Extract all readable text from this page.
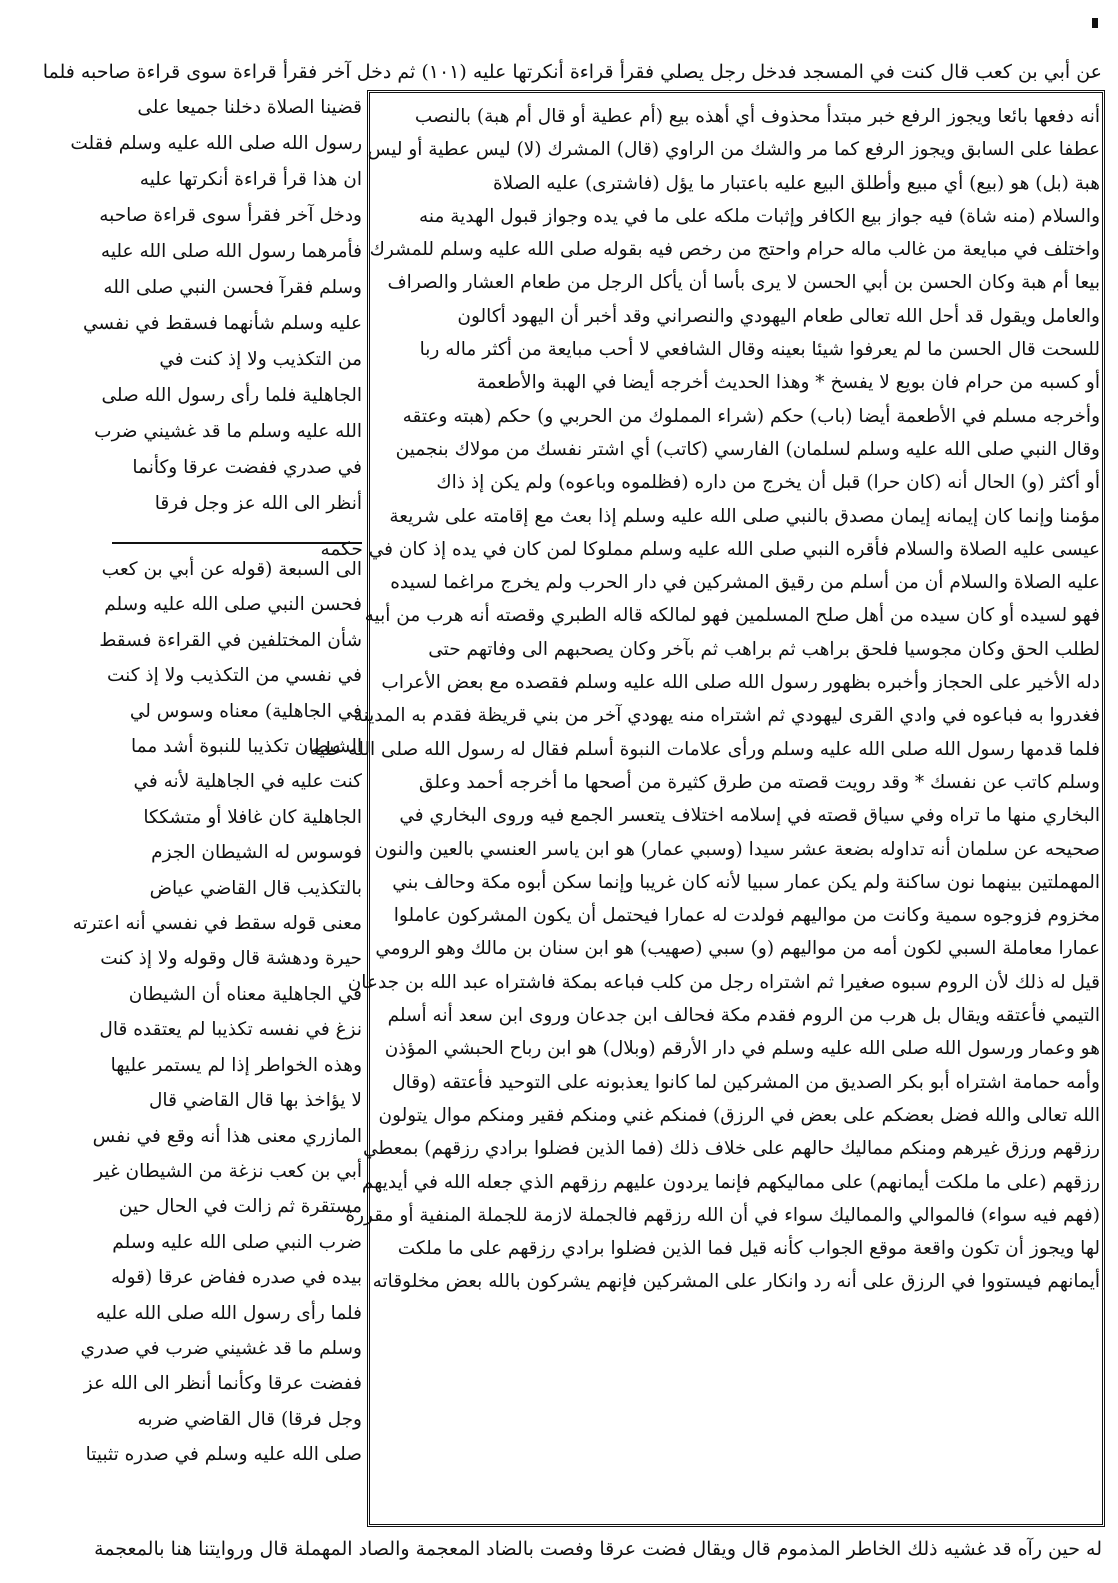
عن أبي بن كعب قال كنت في المسجد فدخل رجل يصلي فقرأ قراءة أنكرتها عليه (١٠١) ثم دخل آخر فقرأ قراءة سوى قراءة صاحبه فلما

أنه دفعها بائعا ويجوز الرفع خبر مبتدأ محذوف أي أهذه بيع (أم عطية أو قال أم هبة) بالنصب

عطفا على السابق ويجوز الرفع كما مر والشك من الراوي (قال) المشرك (لا) ليس عطية أو ليس

هبة (بل) هو (بيع) أي مبيع وأطلق البيع عليه باعتبار ما يؤل (فاشترى) عليه الصلاة

والسلام (منه شاة) فيه جواز بيع الكافر وإثبات ملكه على ما في يده وجواز قبول الهدية منه

واختلف في مبايعة من غالب ماله حرام واحتج من رخص فيه بقوله صلى الله عليه وسلم للمشرك

بيعا أم هبة وكان الحسن بن أبي الحسن لا يرى بأسا أن يأكل الرجل من طعام العشار والصراف

والعامل ويقول قد أحل الله تعالى طعام اليهودي والنصراني وقد أخبر أن اليهود أكالون

للسحت قال الحسن ما لم يعرفوا شيئا بعينه وقال الشافعي لا أحب مبايعة من أكثر ماله ربا

أو كسبه من حرام فان بويع لا يفسخ * وهذا الحديث أخرجه أيضا في الهبة والأطعمة

وأخرجه مسلم في الأطعمة أيضا (باب) حكم (شراء المملوك من الحربي و) حكم (هبته وعتقه

وقال النبي صلى الله عليه وسلم لسلمان) الفارسي (كاتب) أي اشتر نفسك من مولاك بنجمين

أو أكثر (و) الحال أنه (كان حرا) قبل أن يخرج من داره (فظلموه وباعوه) ولم يكن إذ ذاك

مؤمنا وإنما كان إيمانه إيمان مصدق بالنبي صلى الله عليه وسلم إذا بعث مع إقامته على شريعة

عيسى عليه الصلاة والسلام فأقره النبي صلى الله عليه وسلم مملوكا لمن كان في يده إذ كان في حكمه

عليه الصلاة والسلام أن من أسلم من رقيق المشركين في دار الحرب ولم يخرج مراغما لسيده

فهو لسيده أو كان سيده من أهل صلح المسلمين فهو لمالكه قاله الطبري وقصته أنه هرب من أبيه

لطلب الحق وكان مجوسيا فلحق براهب ثم براهب ثم بآخر وكان يصحبهم الى وفاتهم حتى

دله الأخير على الحجاز وأخبره بظهور رسول الله صلى الله عليه وسلم فقصده مع بعض الأعراب

فغدروا به فباعوه في وادي القرى ليهودي ثم اشتراه منه يهودي آخر من بني قريظة فقدم به المدينة

فلما قدمها رسول الله صلى الله عليه وسلم ورأى علامات النبوة أسلم فقال له رسول الله صلى الله عليه

وسلم كاتب عن نفسك * وقد رويت قصته من طرق كثيرة من أصحها ما أخرجه أحمد وعلق

البخاري منها ما تراه وفي سياق قصته في إسلامه اختلاف يتعسر الجمع فيه وروى البخاري في

صحيحه عن سلمان أنه تداوله بضعة عشر سيدا (وسبي عمار) هو ابن ياسر العنسي بالعين والنون

المهملتين بينهما نون ساكنة ولم يكن عمار سبيا لأنه كان غريبا وإنما سكن أبوه مكة وحالف بني

مخزوم فزوجوه سمية وكانت من مواليهم فولدت له عمارا فيحتمل أن يكون المشركون عاملوا

عمارا معاملة السبي لكون أمه من مواليهم (و) سبي (صهيب) هو ابن سنان بن مالك وهو الرومي

قيل له ذلك لأن الروم سبوه صغيرا ثم اشتراه رجل من كلب فباعه بمكة فاشتراه عبد الله بن جدعان

التيمي فأعتقه ويقال بل هرب من الروم فقدم مكة فحالف ابن جدعان وروى ابن سعد أنه أسلم

هو وعمار ورسول الله صلى الله عليه وسلم في دار الأرقم (وبلال) هو ابن رباح الحبشي المؤذن

وأمه حمامة اشتراه أبو بكر الصديق من المشركين لما كانوا يعذبونه على التوحيد فأعتقه (وقال

الله تعالى والله فضل بعضكم على بعض في الرزق) فمنكم غني ومنكم فقير ومنكم موال يتولون

رزقهم ورزق غيرهم ومنكم مماليك حالهم على خلاف ذلك (فما الذين فضلوا برادي رزقهم) بمعطي

رزقهم (على ما ملكت أيمانهم) على مماليكهم فإنما يردون عليهم رزقهم الذي جعله الله في أيديهم

(فهم فيه سواء) فالموالي والمماليك سواء في أن الله رزقهم فالجملة لازمة للجملة المنفية أو مقررة

لها ويجوز أن تكون واقعة موقع الجواب كأنه قيل فما الذين فضلوا برادي رزقهم على ما ملكت

أيمانهم فيستووا في الرزق على أنه رد وانكار على المشركين فإنهم يشركون بالله بعض مخلوقاته

قضينا الصلاة دخلنا جميعا على

رسول الله صلى الله عليه وسلم فقلت

ان هذا قرأ قراءة أنكرتها عليه

ودخل آخر فقرأ سوى قراءة صاحبه

فأمرهما رسول الله صلى الله عليه

وسلم فقرآ فحسن النبي صلى الله

عليه وسلم شأنهما فسقط في نفسي

من التكذيب ولا إذ كنت في

الجاهلية فلما رأى رسول الله صلى

الله عليه وسلم ما قد غشيني ضرب

في صدري ففضت عرقا وكأنما

أنظر الى الله عز وجل فرقا

الى السبعة (قوله عن أبي بن كعب

فحسن النبي صلى الله عليه وسلم

شأن المختلفين في القراءة فسقط

في نفسي من التكذيب ولا إذ كنت

في الجاهلية) معناه وسوس لي

الشيطان تكذيبا للنبوة أشد مما

كنت عليه في الجاهلية لأنه في

الجاهلية كان غافلا أو متشككا

فوسوس له الشيطان الجزم

بالتكذيب قال القاضي عياض

معنى قوله سقط في نفسي أنه اعترته

حيرة ودهشة قال وقوله ولا إذ كنت

في الجاهلية معناه أن الشيطان

نزغ في نفسه تكذيبا لم يعتقده قال

وهذه الخواطر إذا لم يستمر عليها

لا يؤاخذ بها قال القاضي قال

المازري معنى هذا أنه وقع في نفس

أبي بن كعب نزغة من الشيطان غير

مستقرة ثم زالت في الحال حين

ضرب النبي صلى الله عليه وسلم

بيده في صدره ففاض عرقا (قوله

فلما رأى رسول الله صلى الله عليه

وسلم ما قد غشيني ضرب في صدري

ففضت عرقا وكأنما أنظر الى الله عز

وجل فرقا) قال القاضي ضربه

صلى الله عليه وسلم في صدره تثبيتا

له حين رآه قد غشيه ذلك الخاطر المذموم قال ويقال فضت عرقا وفصت بالضاد المعجمة والصاد المهملة قال وروايتنا هنا بالمعجمة
